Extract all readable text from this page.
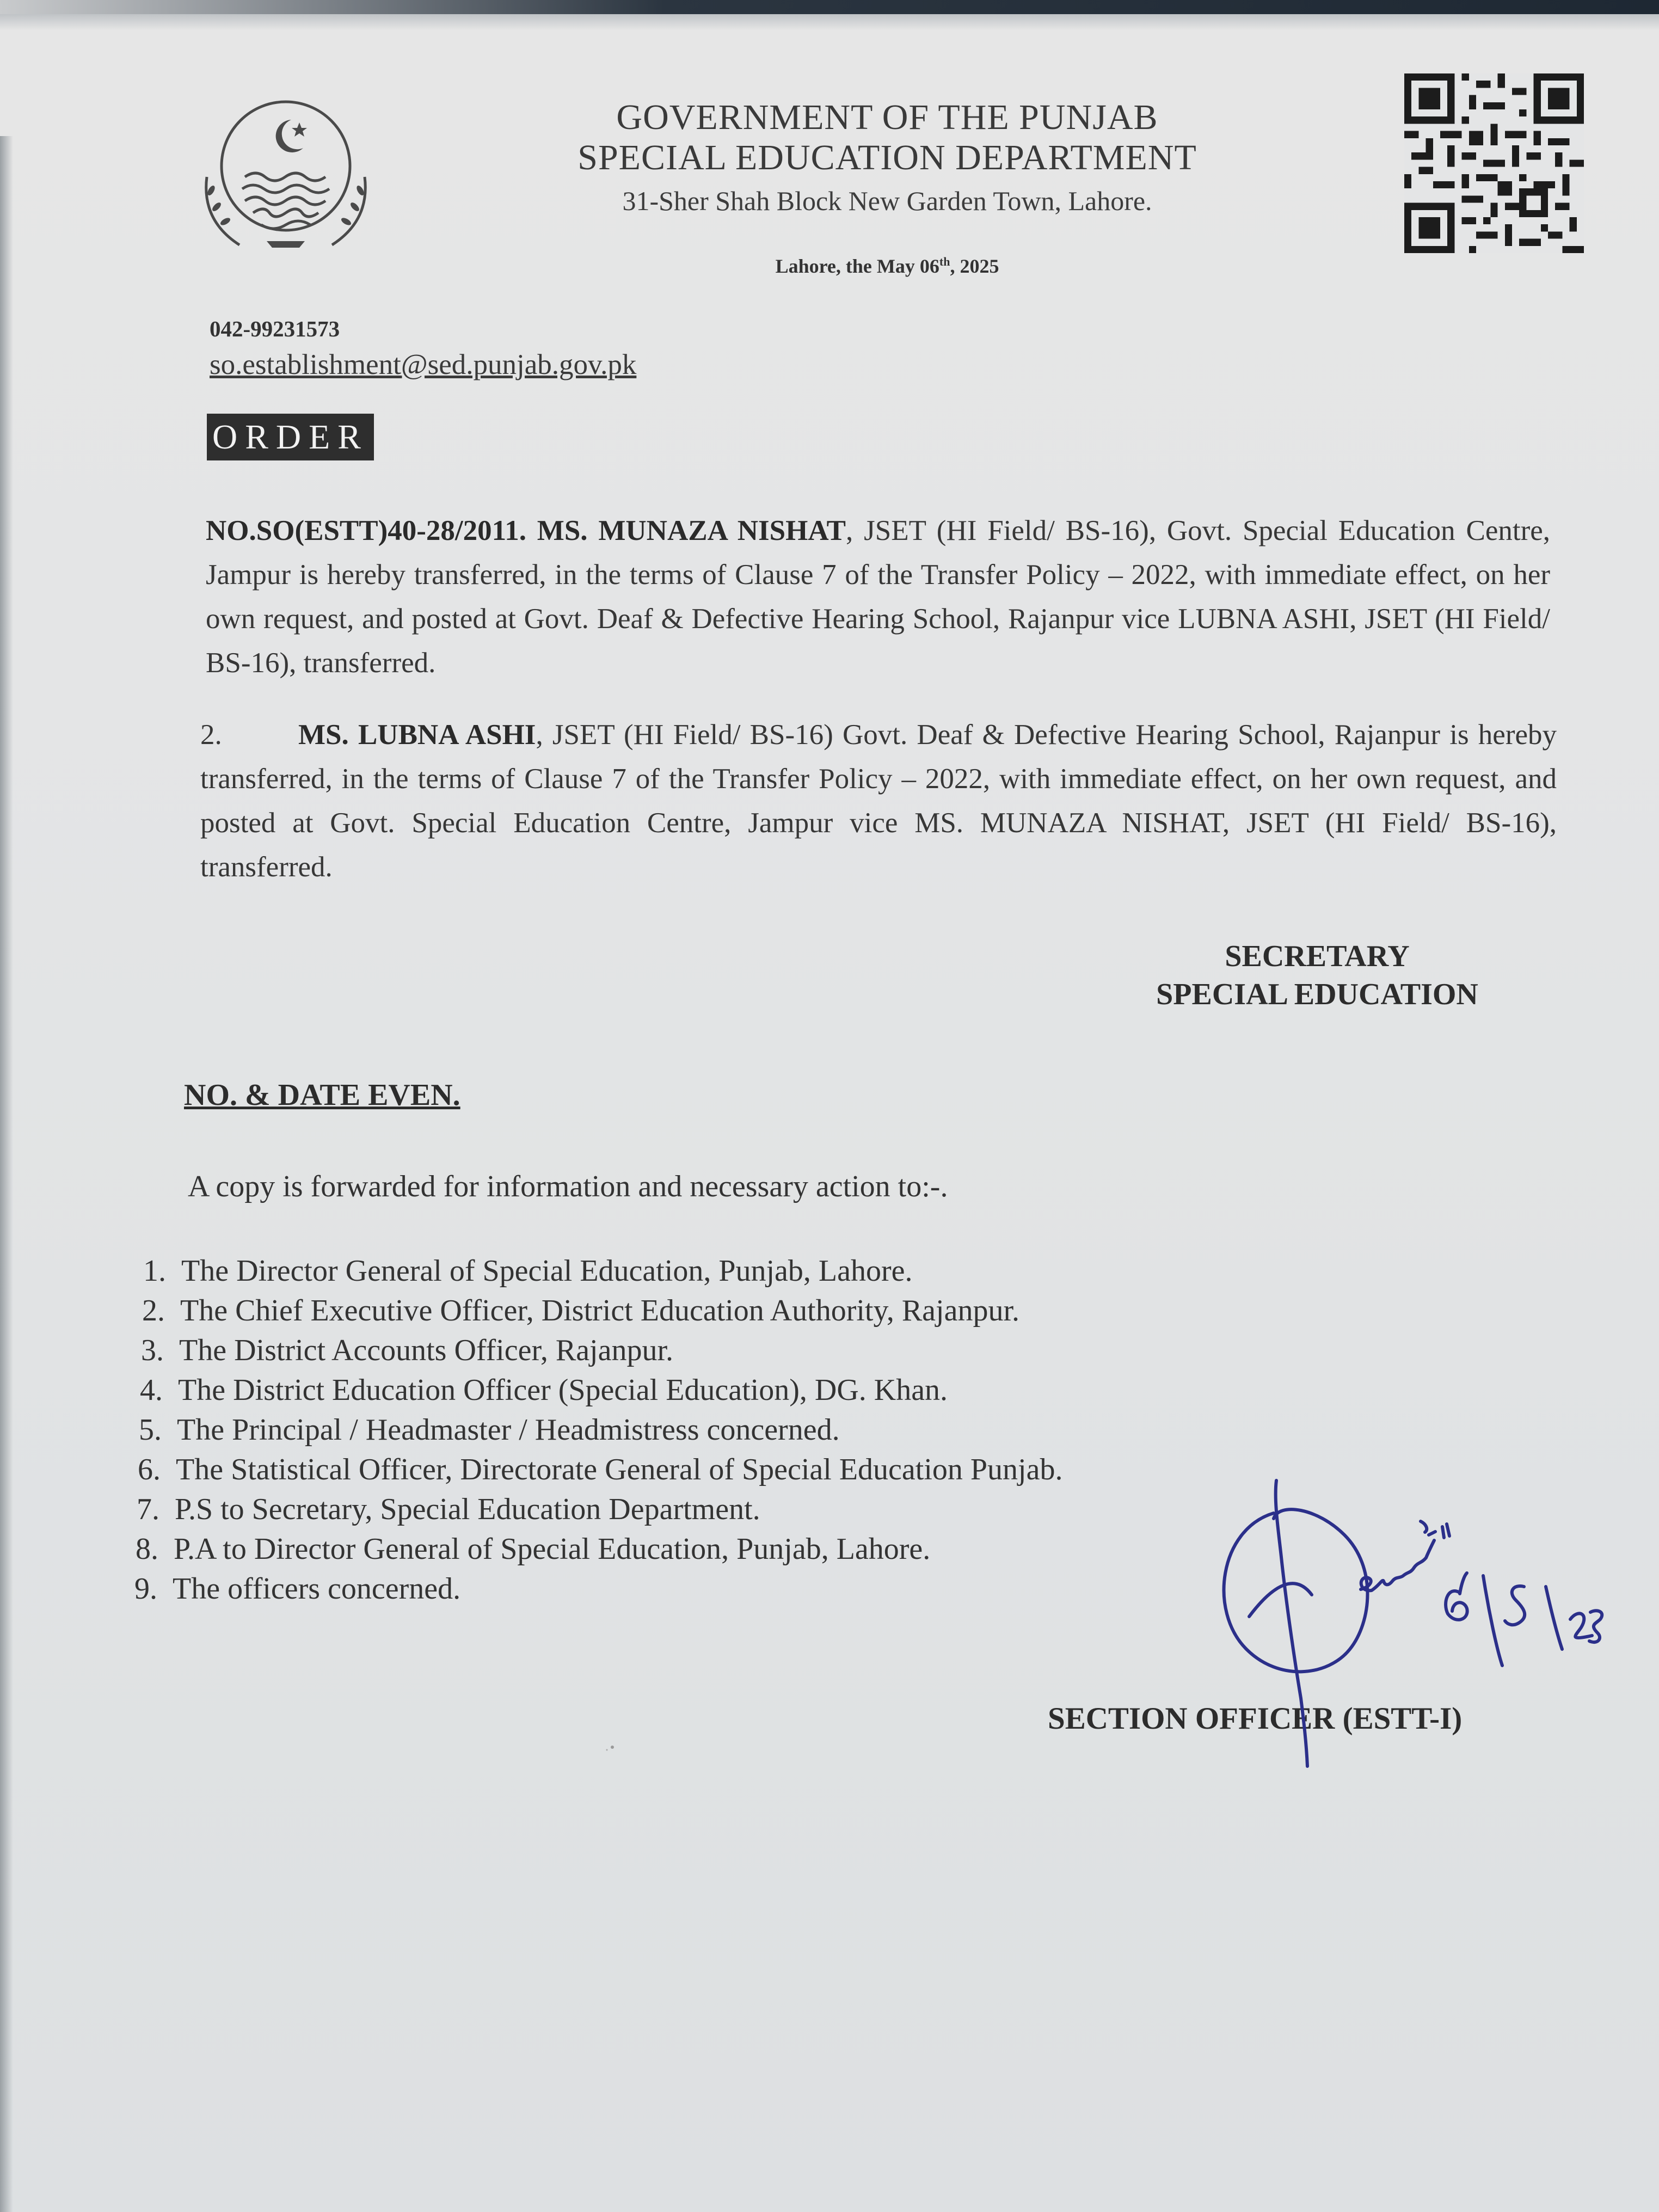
GOVERNMENT OF THE PUNJAB
SPECIAL EDUCATION DEPARTMENT
31-Sher Shah Block New Garden Town, Lahore.
Lahore, the May 06th, 2025
042-99231573
so.establishment@sed.punjab.gov.pk
ORDER
NO.SO(ESTT)40-28/2011. MS. MUNAZA NISHAT, JSET (HI Field/ BS-16), Govt. Special Education Centre, Jampur is hereby transferred, in the terms of Clause 7 of the Transfer Policy – 2022, with immediate effect, on her own request, and posted at Govt. Deaf & Defective Hearing School, Rajanpur vice LUBNA ASHI, JSET (HI Field/ BS-16), transferred.
2.	MS. LUBNA ASHI, JSET (HI Field/ BS-16) Govt. Deaf & Defective Hearing School, Rajanpur is hereby transferred, in the terms of Clause 7 of the Transfer Policy – 2022, with immediate effect, on her own request, and posted at Govt. Special Education Centre, Jampur vice MS. MUNAZA NISHAT, JSET (HI Field/ BS-16), transferred.
SECRETARY
SPECIAL EDUCATION
NO. & DATE EVEN.
A copy is forwarded for information and necessary action to:-.
1. The Director General of Special Education, Punjab, Lahore.
2. The Chief Executive Officer, District Education Authority, Rajanpur.
3. The District Accounts Officer, Rajanpur.
4. The District Education Officer (Special Education), DG. Khan.
5. The Principal / Headmaster / Headmistress concerned.
6. The Statistical Officer, Directorate General of Special Education Punjab.
7. P.S to Secretary, Special Education Department.
8. P.A to Director General of Special Education, Punjab, Lahore.
9. The officers concerned.
SECTION OFFICER (ESTT-I)
